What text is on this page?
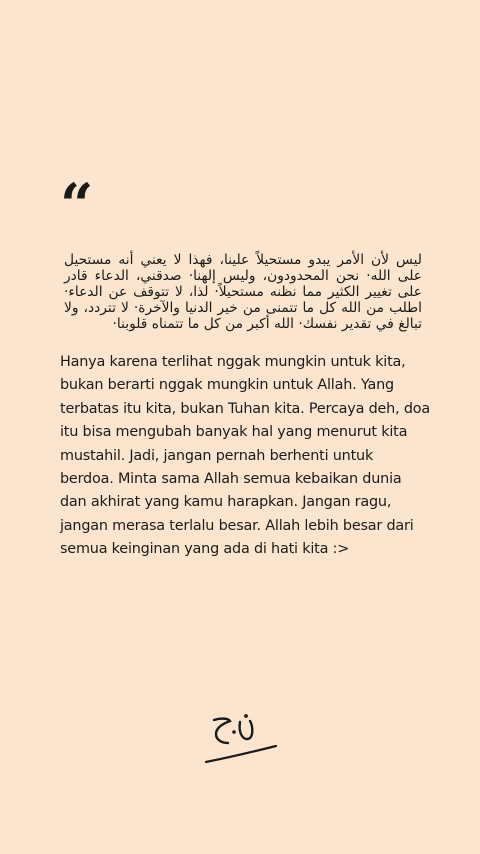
“

ليس لأن الأمر يبدو مستحيلاً علينا، فهذا لا يعني أنه مستحيل على الله· نحن المحدودون، وليس إلهنا· صدقني، الدعاء قادر على تغيير الكثير مما نظنه مستحيلاً· لذا، لا تتوقف عن الدعاء· اطلب من الله كل ما تتمنى من خير الدنيا والآخرة· لا تتردد، ولا تبالغ في تقدير نفسك· الله أكبر من كل ما تتمناه قلوبنا·

Hanya karena terlihat nggak mungkin untuk kita, bukan berarti nggak mungkin untuk Allah. Yang terbatas itu kita, bukan Tuhan kita. Percaya deh, doa itu bisa mengubah banyak hal yang menurut kita mustahil. Jadi, jangan pernah berhenti untuk berdoa. Minta sama Allah semua kebaikan dunia dan akhirat yang kamu harapkan. Jangan ragu, jangan merasa terlalu besar. Allah lebih besar dari semua keinginan yang ada di hati kita :>
